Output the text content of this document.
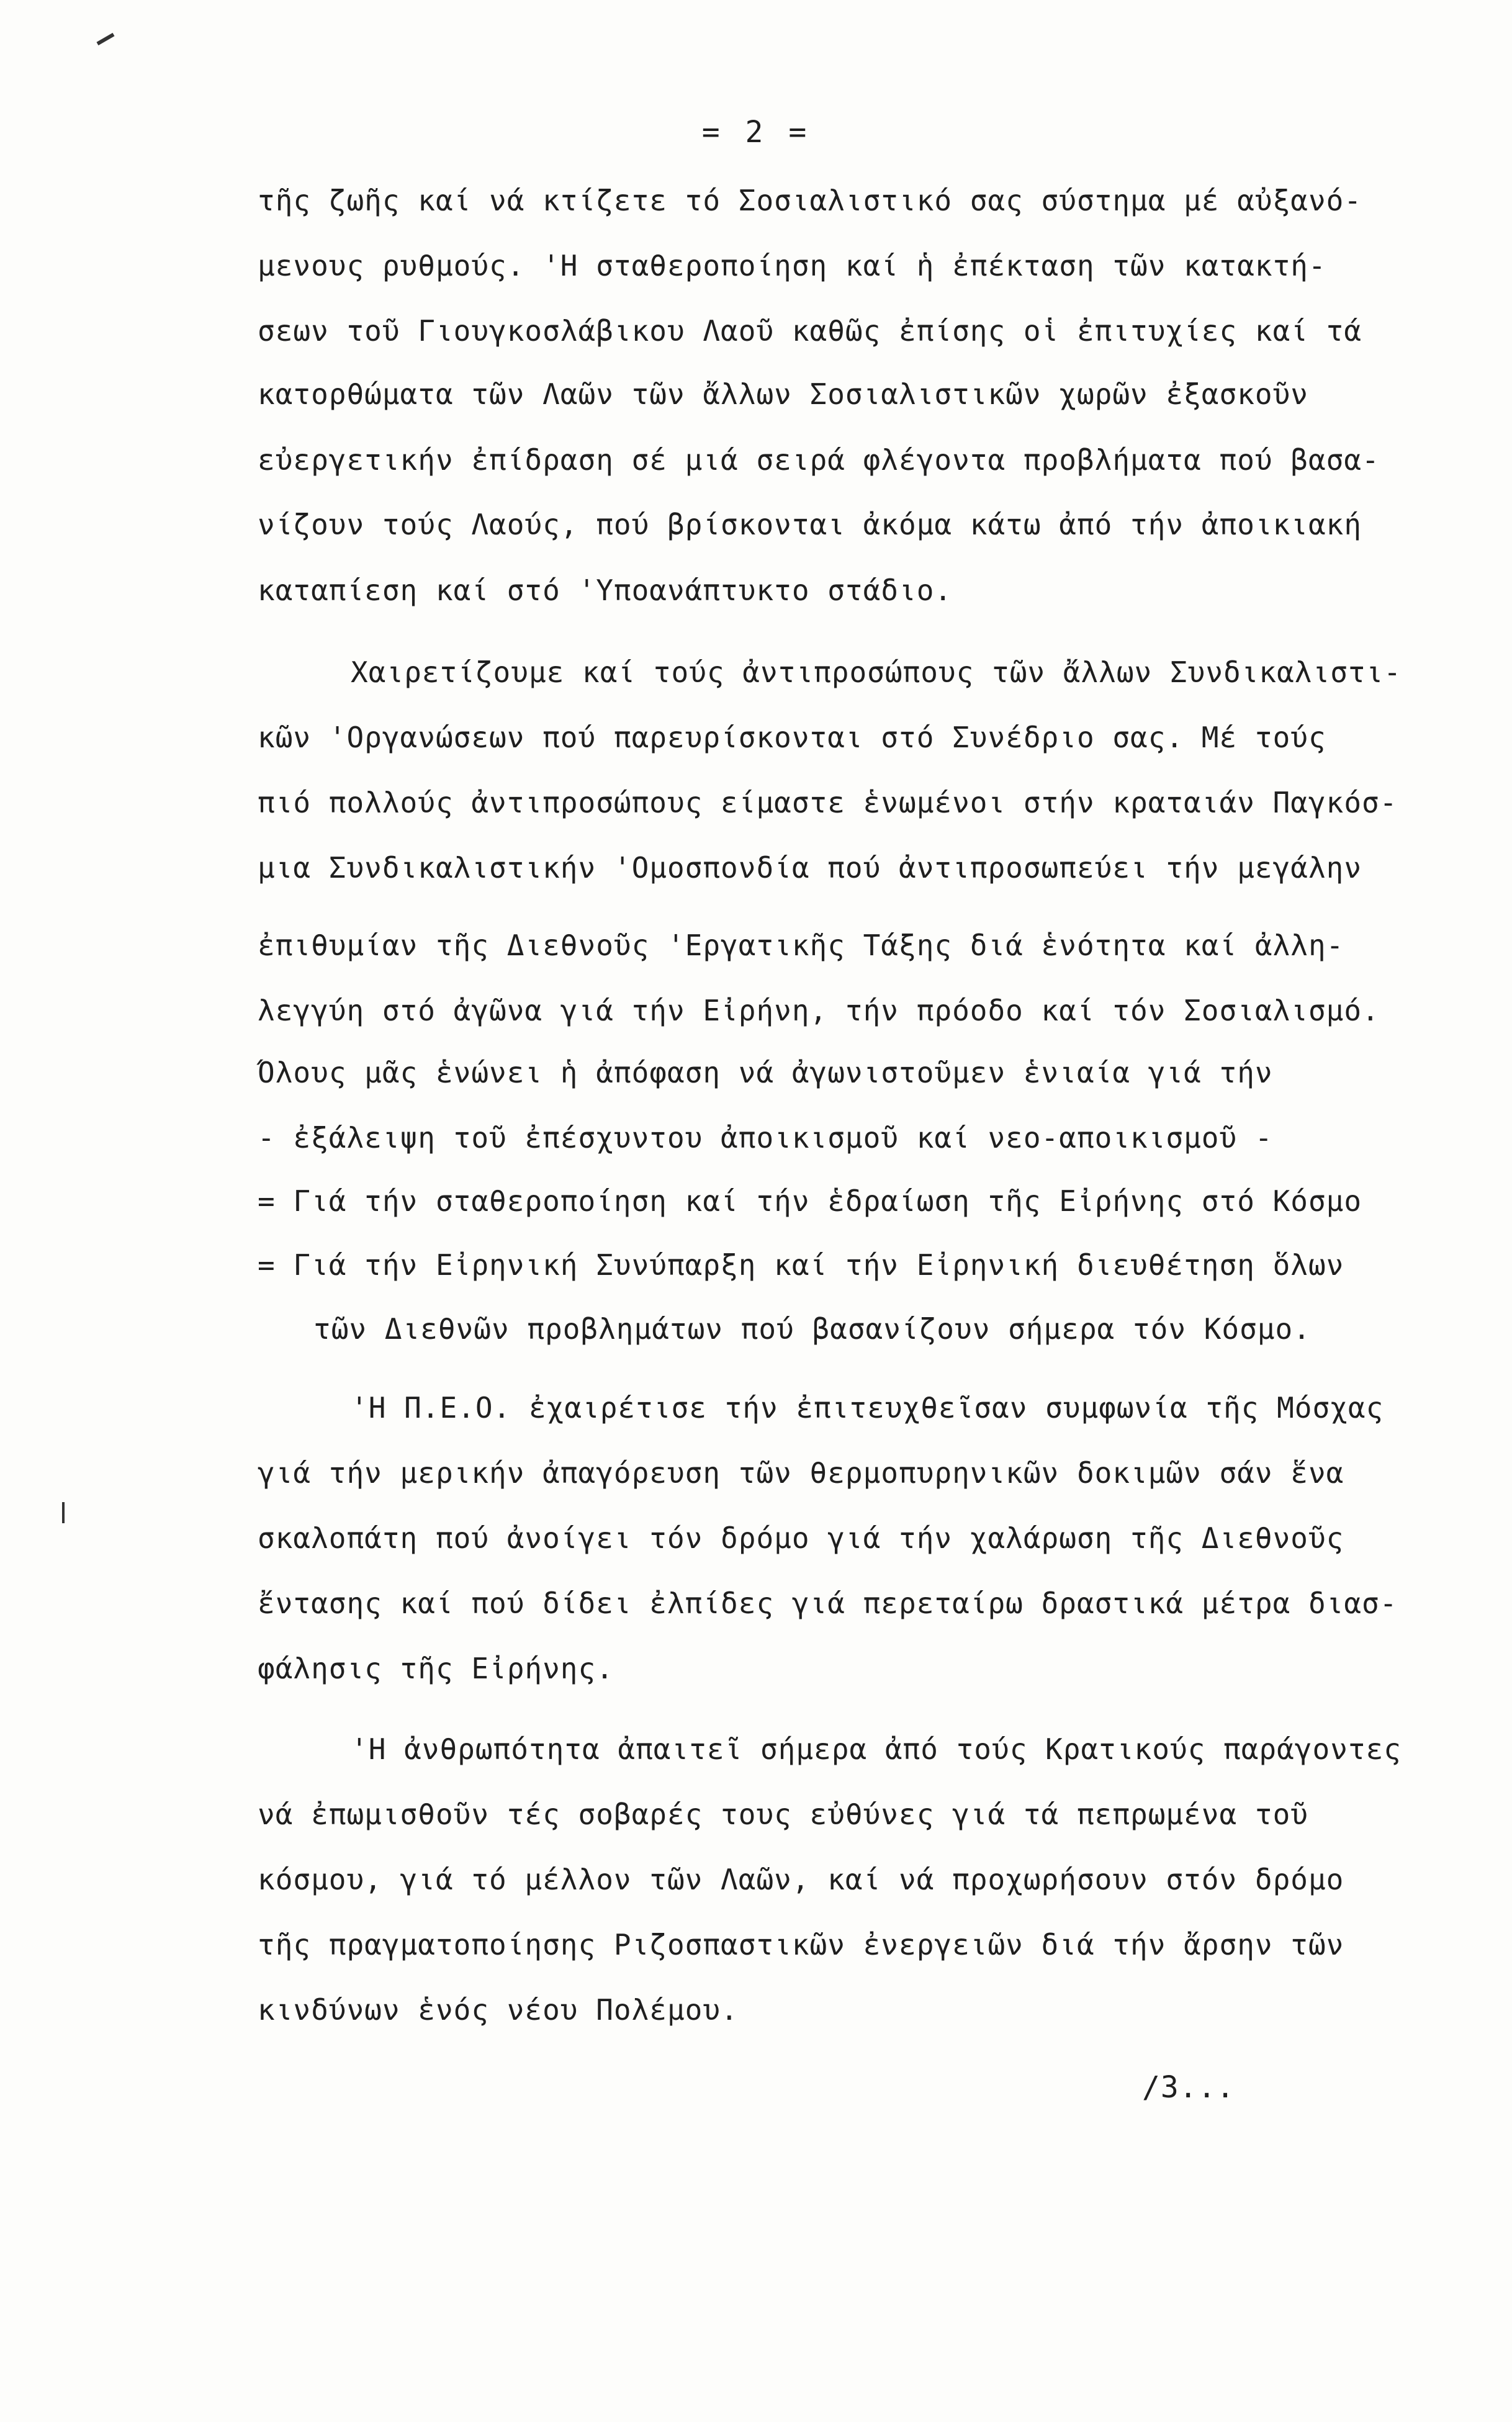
= 2 =
τῆς ζωῆς καί νά κτίζετε τό Σοσιαλιστικό σας σύστημα μέ αὐξανό-
μενους ρυθμούς. 'Η σταθεροποίηση καί ἡ ἐπέκταση τῶν κατακτή-
σεων τοῦ Γιουγκοσλάβικου Λαοῦ καθῶς ἐπίσης οἱ ἐπιτυχίες καί τά
κατορθώματα τῶν Λαῶν τῶν ἄλλων Σοσιαλιστικῶν χωρῶν ἐξασκοῦν
εὐεργετικήν ἐπίδραση σέ μιά σειρά φλέγοντα προβλήματα πού βασα-
νίζουν τούς Λαούς, πού βρίσκονται ἀκόμα κάτω ἀπό τήν ἀποικιακή
καταπίεση καί στό 'Υποανάπτυκτο στάδιο.
Χαιρετίζουμε καί τούς ἀντιπροσώπους τῶν ἄλλων Συνδικαλιστι-
κῶν 'Οργανώσεων πού παρευρίσκονται στό Συνέδριο σας. Μέ τούς
πιό πολλούς ἀντιπροσώπους είμαστε ἑνωμένοι στήν κραταιάν Παγκόσ-
μια Συνδικαλιστικήν 'Ομοσπονδία πού ἀντιπροσωπεύει τήν μεγάλην
ἐπιθυμίαν τῆς Διεθνοῦς 'Εργατικῆς Τάξης διά ἑνότητα καί ἀλλη-
λεγγύη στό ἀγῶνα γιά τήν Εἰρήνη, τήν πρόοδο καί τόν Σοσιαλισμό.
Όλους μᾶς ἑνώνει ἡ ἀπόφαση νά ἀγωνιστοῦμεν ἑνιαία γιά τήν
- ἐξάλειψη τοῦ ἐπέσχυντου ἀποικισμοῦ καί νεο-αποικισμοῦ -
= Γιά τήν σταθεροποίηση καί τήν ἑδραίωση τῆς Εἰρήνης στό Κόσμο
= Γιά τήν Εἰρηνική Συνύπαρξη καί τήν Εἰρηνική διευθέτηση ὅλων
τῶν Διεθνῶν προβλημάτων πού βασανίζουν σήμερα τόν Κόσμο.
'Η Π.Ε.Ο. ἐχαιρέτισε τήν ἐπιτευχθεῖσαν συμφωνία τῆς Μόσχας
γιά τήν μερικήν ἀπαγόρευση τῶν θερμοπυρηνικῶν δοκιμῶν σάν ἕνα
σκαλοπάτη πού ἀνοίγει τόν δρόμο γιά τήν χαλάρωση τῆς Διεθνοῦς
ἔντασης καί πού δίδει ἐλπίδες γιά περεταίρω δραστικά μέτρα διασ-
φάλησις τῆς Εἰρήνης.
'Η ἀνθρωπότητα ἀπαιτεῖ σήμερα ἀπό τούς Κρατικούς παράγοντες
νά ἐπωμισθοῦν τές σοβαρές τους εὐθύνες γιά τά πεπρωμένα τοῦ
κόσμου, γιά τό μέλλον τῶν Λαῶν, καί νά προχωρήσουν στόν δρόμο
τῆς πραγματοποίησης Ριζοσπαστικῶν ἐνεργειῶν διά τήν ἄρσην τῶν
κινδύνων ἑνός νέου Πολέμου.
/3...
